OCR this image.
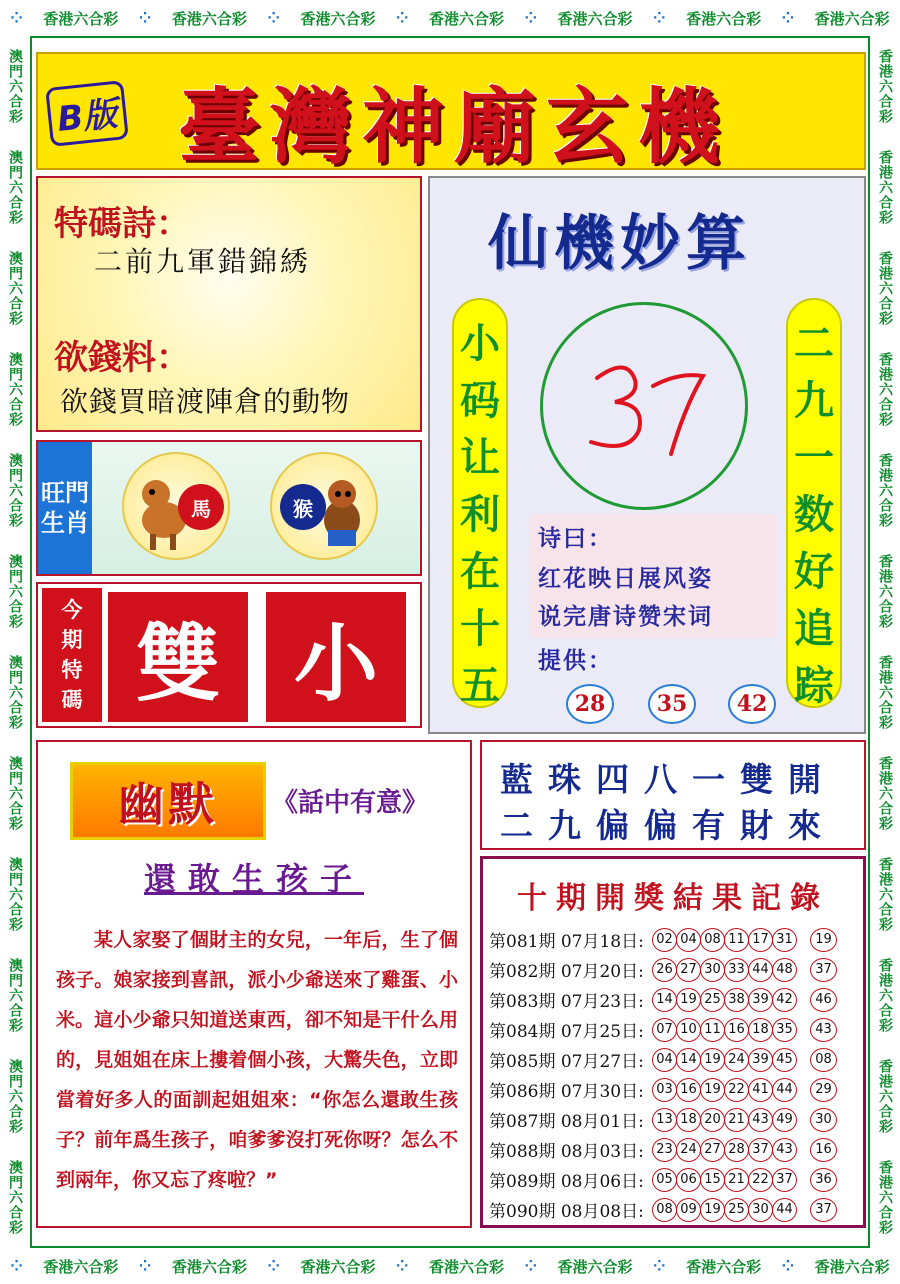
⁘ 香港六合彩 ⁘ 香港六合彩 ⁘ 香港六合彩 ⁘ 香港六合彩 ⁘ 香港六合彩 ⁘ 香港六合彩 ⁘ 香港六合彩
⁘ 香港六合彩 ⁘ 香港六合彩 ⁘ 香港六合彩 ⁘ 香港六合彩 ⁘ 香港六合彩 ⁘ 香港六合彩 ⁘ 香港六合彩
澳門六合彩
澳門六合彩
澳門六合彩
澳門六合彩
澳門六合彩
澳門六合彩
澳門六合彩
澳門六合彩
澳門六合彩
澳門六合彩
澳門六合彩
澳門六合彩
香港六合彩
香港六合彩
香港六合彩
香港六合彩
香港六合彩
香港六合彩
香港六合彩
香港六合彩
香港六合彩
香港六合彩
香港六合彩
香港六合彩
B版 臺灣神廟玄機
特碼詩：
二前九軍錯錦綉
欲錢料：
欲錢買暗渡陣倉的動物
旺門生肖
馬	猴
今
期
特
碼 雙 小
仙機妙算
小
码
让
利
在
十
五
二
九
一
数
好
追
踪
诗曰：
红花映日展风姿
说完唐诗赞宋词
提供：
28	35	42
幽默	《話中有意》
還敢生孩子
某人家娶了個財主的女兒，一年后，生了個孩子。娘家接到喜訊，派小少爺送來了雞蛋、小米。這小少爺只知道送東西，卻不知是干什么用的，見姐姐在床上摟着個小孩，大驚失色，立即當着好多人的面訓起姐姐來：“你怎么還敢生孩子？前年爲生孩子，咱爹爹沒打死你呀？怎么不到兩年，你又忘了疼啦？”
藍珠四八一雙開
二九偏偏有財來
十期開獎結果記錄
第081期 07月18日: 02 04 08 11 17 31	19
第082期 07月20日: 26 27 30 33 44 48	37
第083期 07月23日: 14 19 25 38 39 42	46
第084期 07月25日: 07 10 11 16 18 35	43
第085期 07月27日: 04 14 19 24 39 45	08
第086期 07月30日: 03 16 19 22 41 44	29
第087期 08月01日: 13 18 20 21 43 49	30
第088期 08月03日: 23 24 27 28 37 43	16
第089期 08月06日: 05 06 15 21 22 37	36
第090期 08月08日: 08 09 19 25 30 44	37
